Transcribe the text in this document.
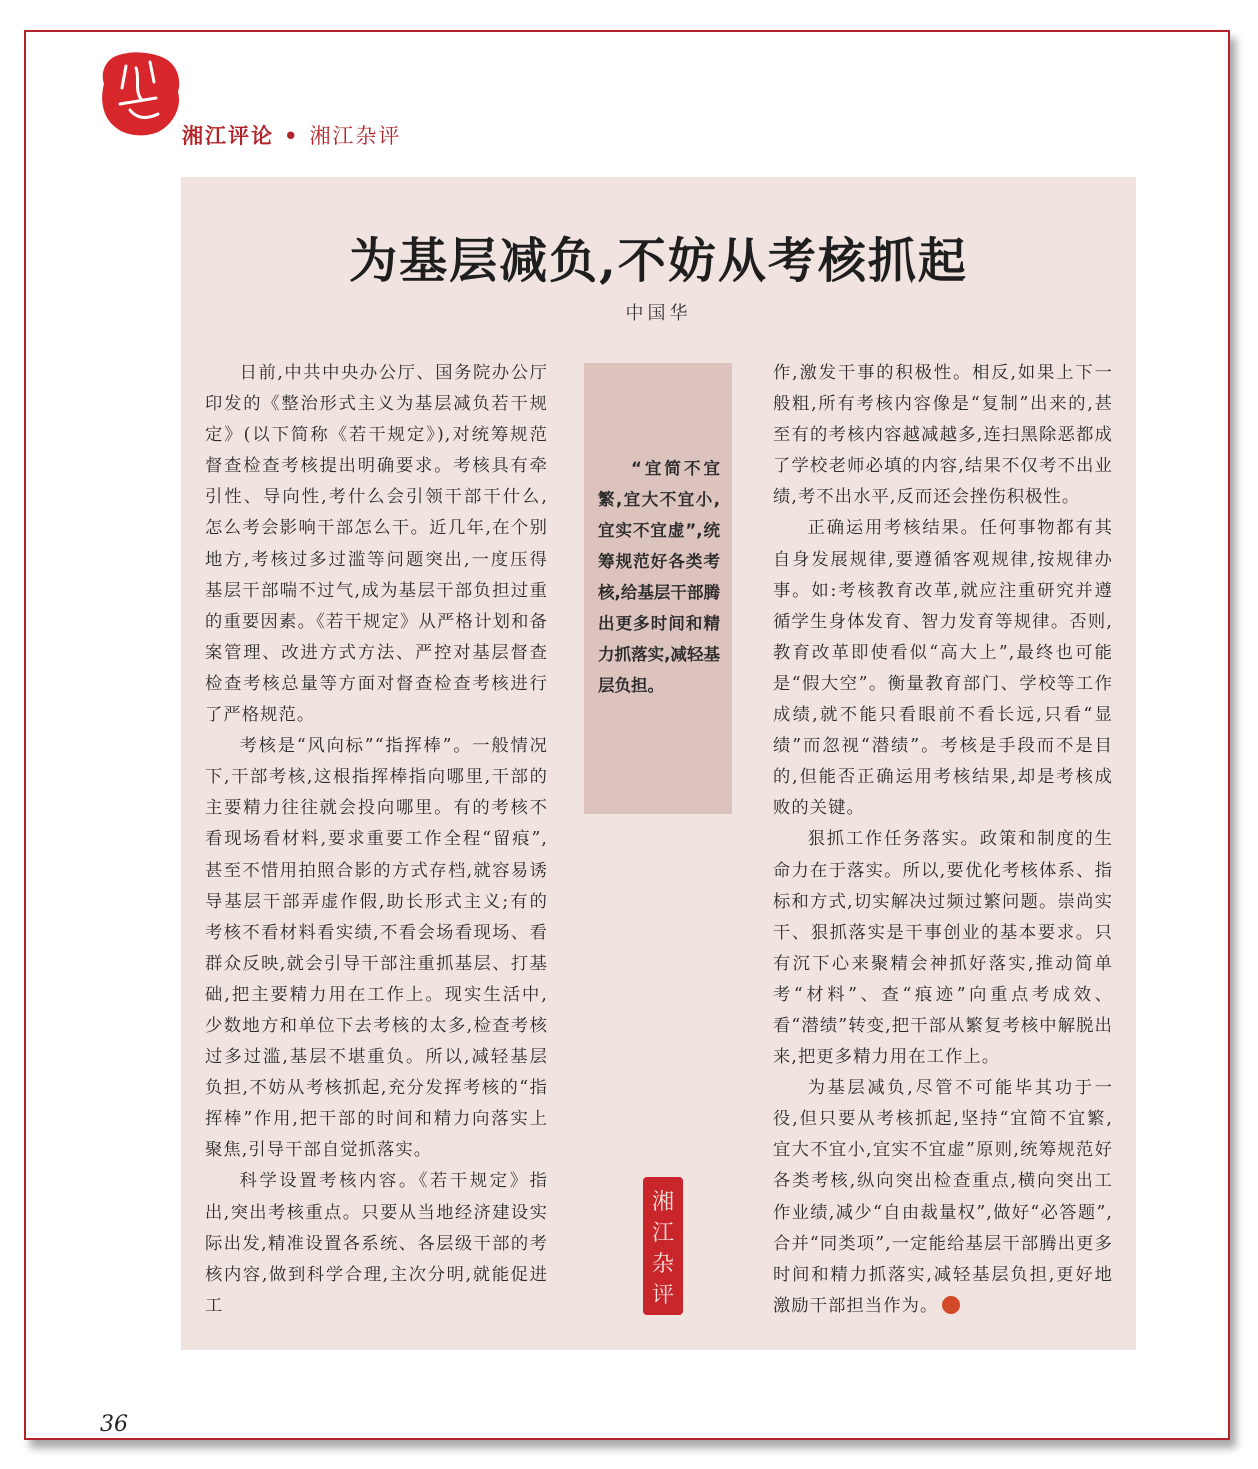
湘江评论 • 湘江杂评
为基层减负,不妨从考核抓起
中国华

日前,中共中央办公厅、国务院办公厅印发的《整治形式主义为基层减负若干规定》(以下简称《若干规定》),对统筹规范督查检查考核提出明确要求。考核具有牵引性、导向性,考什么会引领干部干什么,怎么考会影响干部怎么干。近几年,在个别地方,考核过多过滥等问题突出,一度压得基层干部喘不过气,成为基层干部负担过重的重要因素。《若干规定》从严格计划和备案管理、改进方式方法、严控对基层督查检查考核总量等方面对督查检查考核进行了严格规范。

考核是“风向标”“指挥棒”。一般情况下,干部考核,这根指挥棒指向哪里,干部的主要精力往往就会投向哪里。有的考核不看现场看材料,要求重要工作全程“留痕”,甚至不惜用拍照合影的方式存档,就容易诱导基层干部弄虚作假,助长形式主义;有的考核不看材料看实绩,不看会场看现场、看群众反映,就会引导干部注重抓基层、打基础,把主要精力用在工作上。现实生活中,少数地方和单位下去考核的太多,检查考核过多过滥,基层不堪重负。所以,减轻基层负担,不妨从考核抓起,充分发挥考核的“指挥棒”作用,把干部的时间和精力向落实上聚焦,引导干部自觉抓落实。

科学设置考核内容。《若干规定》指出,突出考核重点。只要从当地经济建设实际出发,精准设置各系统、各层级干部的考核内容,做到科学合理,主次分明,就能促进工

“宜简不宜繁,宜大不宜小,宜实不宜虚”,统筹规范好各类考核,给基层干部腾出更多时间和精力抓落实,减轻基层负担。
湘
江
杂
评

作,激发干事的积极性。相反,如果上下一般粗,所有考核内容像是“复制”出来的,甚至有的考核内容越减越多,连扫黑除恶都成了学校老师必填的内容,结果不仅考不出业绩,考不出水平,反而还会挫伤积极性。

正确运用考核结果。任何事物都有其自身发展规律,要遵循客观规律,按规律办事。如:考核教育改革,就应注重研究并遵循学生身体发育、智力发育等规律。否则,教育改革即使看似“高大上”,最终也可能是“假大空”。衡量教育部门、学校等工作成绩,就不能只看眼前不看长远,只看“显绩”而忽视“潜绩”。考核是手段而不是目的,但能否正确运用考核结果,却是考核成败的关键。

狠抓工作任务落实。政策和制度的生命力在于落实。所以,要优化考核体系、指标和方式,切实解决过频过繁问题。崇尚实干、狠抓落实是干事创业的基本要求。只有沉下心来聚精会神抓好落实,推动简单考“材料”、查“痕迹”向重点考成效、看“潜绩”转变,把干部从繁复考核中解脱出来,把更多精力用在工作上。

为基层减负,尽管不可能毕其功于一役,但只要从考核抓起,坚持“宜简不宜繁,宜大不宜小,宜实不宜虚”原则,统筹规范好各类考核,纵向突出检查重点,横向突出工作业绩,减少“自由裁量权”,做好“必答题”,合并“同类项”,一定能给基层干部腾出更多时间和精力抓落实,减轻基层负担,更好地激励干部担当作为。

36
